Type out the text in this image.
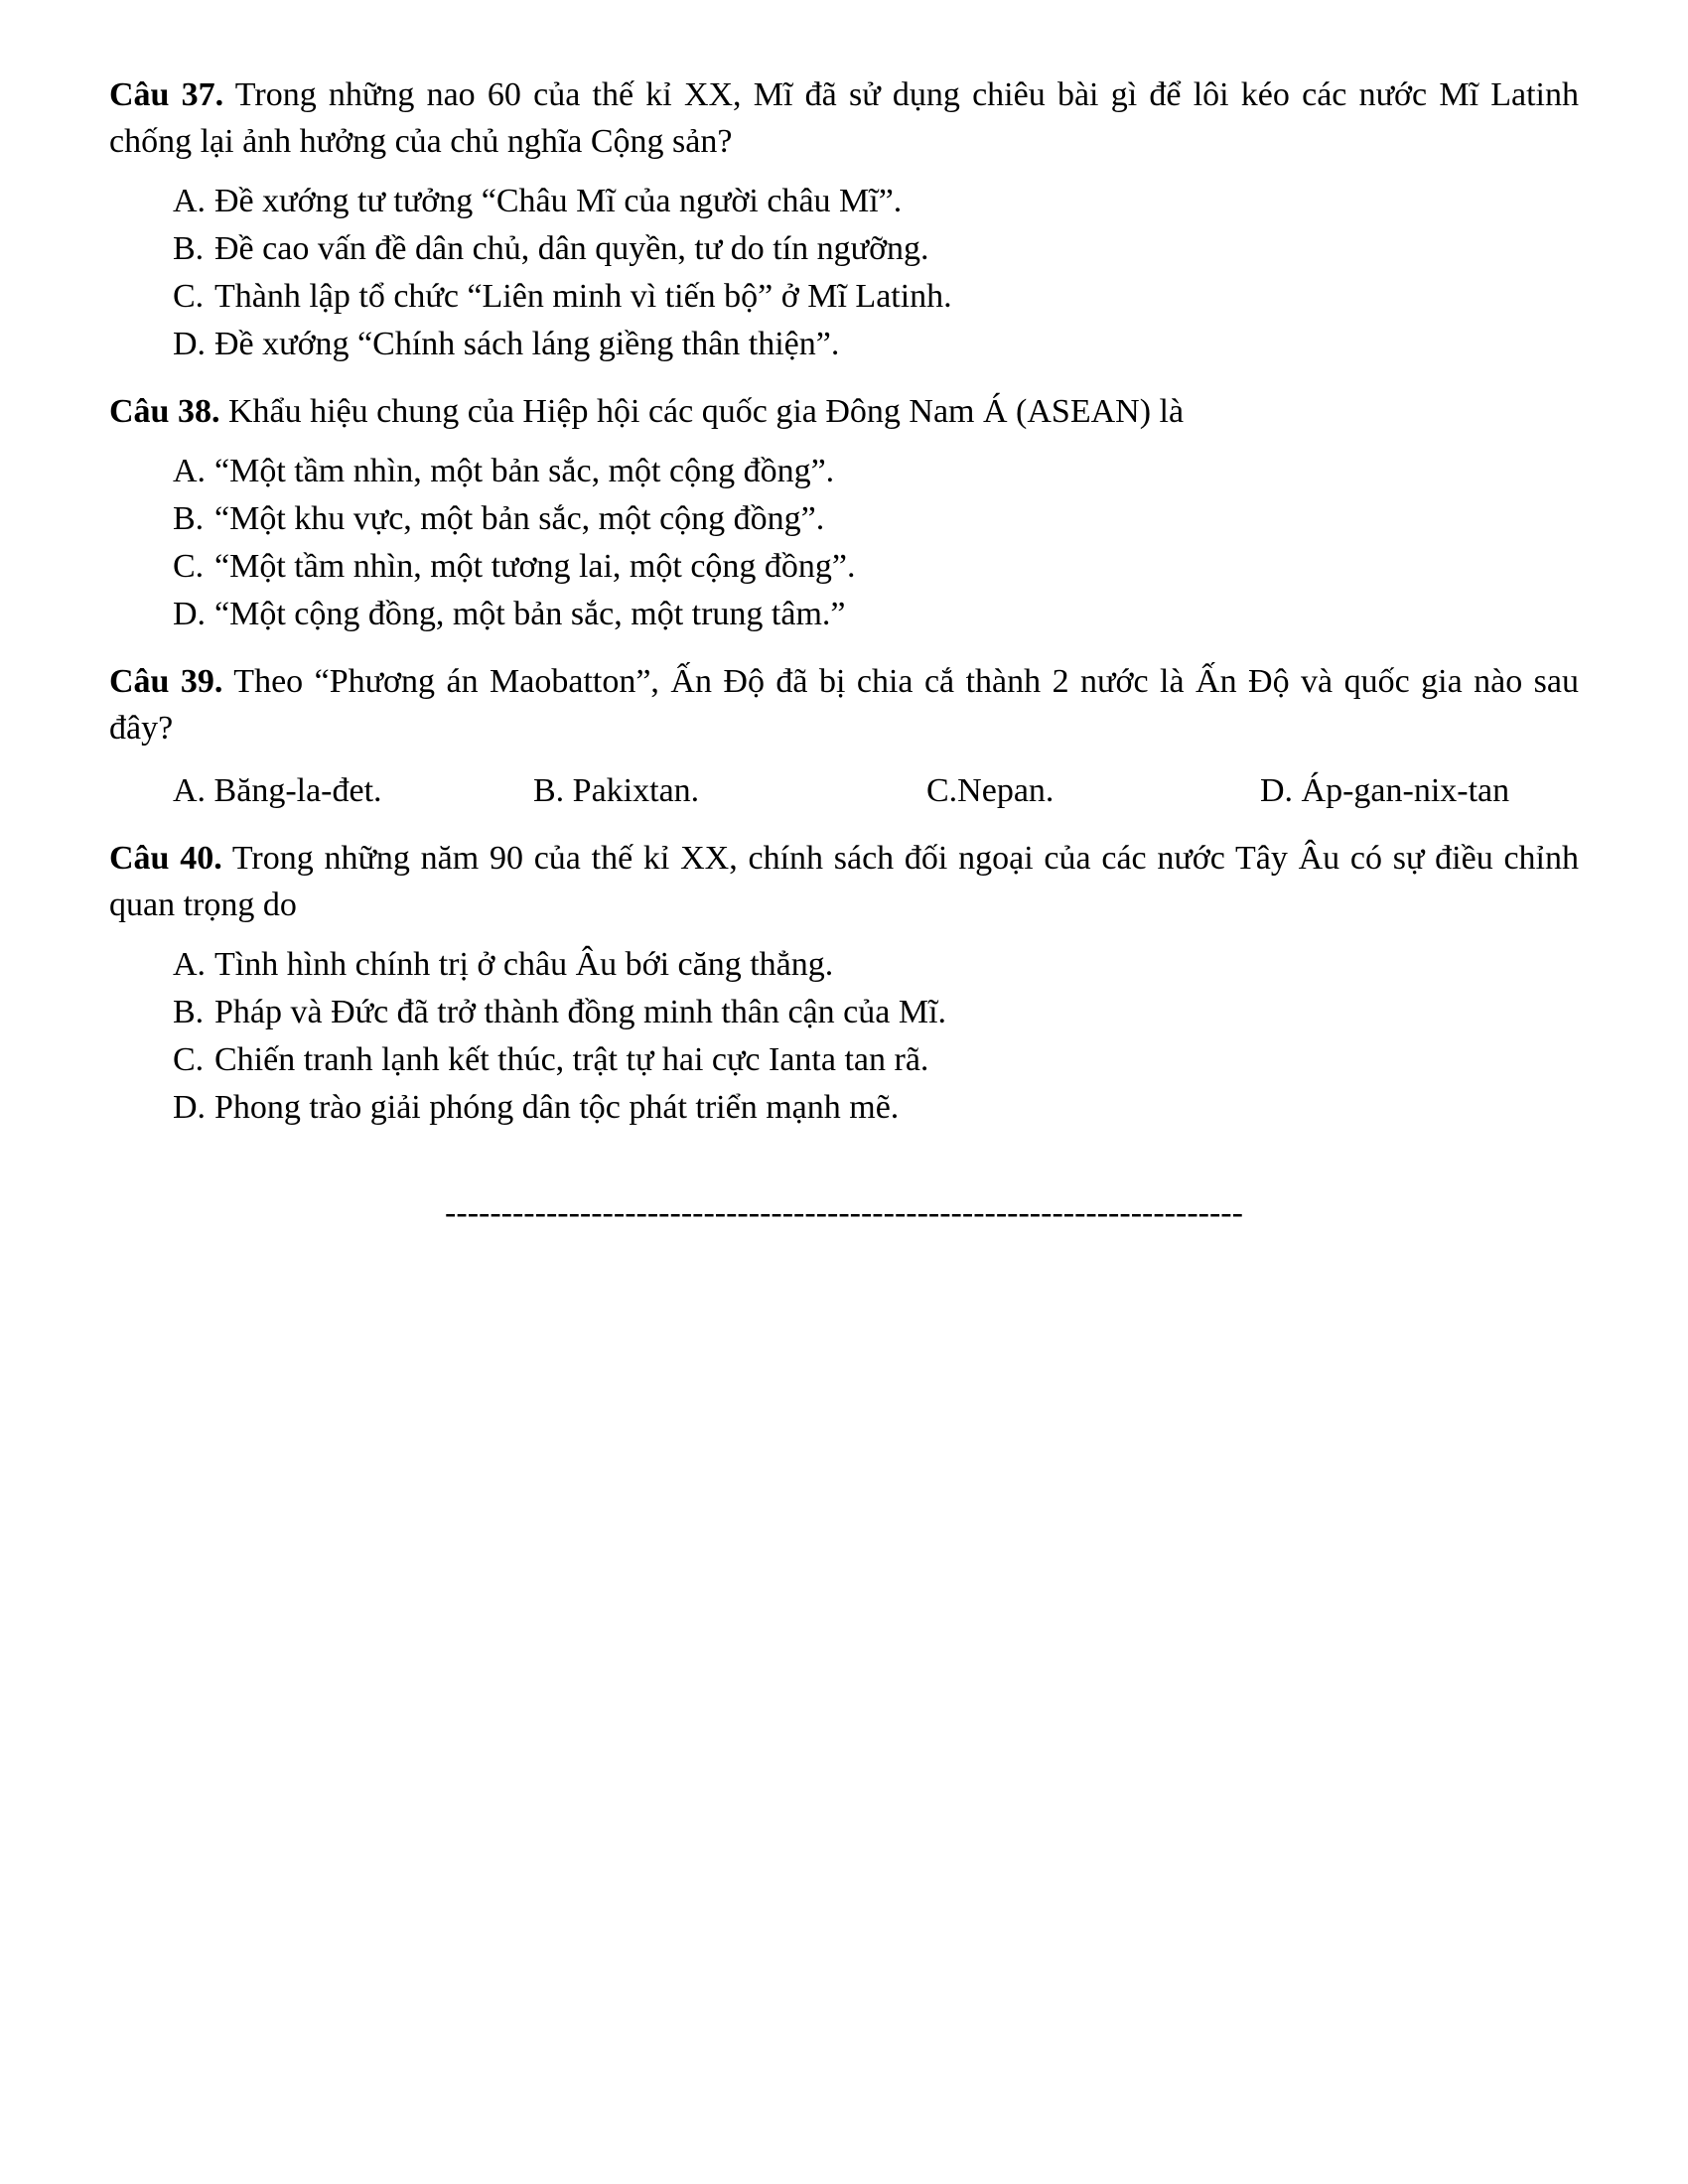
Câu 37. Trong những nao 60 của thế kỉ XX, Mĩ đã sử dụng chiêu bài gì để lôi kéo các nước Mĩ Latinh chống lại ảnh hưởng của chủ nghĩa Cộng sản?

A. Đề xướng tư tưởng “Châu Mĩ của người châu Mĩ”.
B. Đề cao vấn đề dân chủ, dân quyền, tư do tín ngưỡng.
C. Thành lập tổ chức “Liên minh vì tiến bộ” ở Mĩ Latinh.
D. Đề xướng “Chính sách láng giềng thân thiện”.

Câu 38. Khẩu hiệu chung của Hiệp hội các quốc gia Đông Nam Á (ASEAN) là

A. “Một tầm nhìn, một bản sắc, một cộng đồng”.
B. “Một khu vực, một bản sắc, một cộng đồng”.
C. “Một tầm nhìn, một tương lai, một cộng đồng”.
D. “Một cộng đồng, một bản sắc, một trung tâm.”

Câu 39. Theo “Phương án Maobatton”, Ấn Độ đã bị chia cắ thành 2 nước là Ấn Độ và quốc gia nào sau đây?

A. Băng-la-đet.	B. Pakixtan.	C.Nepan.	D. Áp-gan-nix-tan

Câu 40. Trong những năm 90 của thế kỉ XX, chính sách đối ngoại của các nước Tây Âu có sự điều chỉnh quan trọng do

A. Tình hình chính trị ở châu Âu bới căng thẳng.
B. Pháp và Đức đã trở thành đồng minh thân cận của Mĩ.
C. Chiến tranh lạnh kết thúc, trật tự hai cực Ianta tan rã.
D. Phong trào giải phóng dân tộc phát triển mạnh mẽ.
-----------------------------------------------------------------------
